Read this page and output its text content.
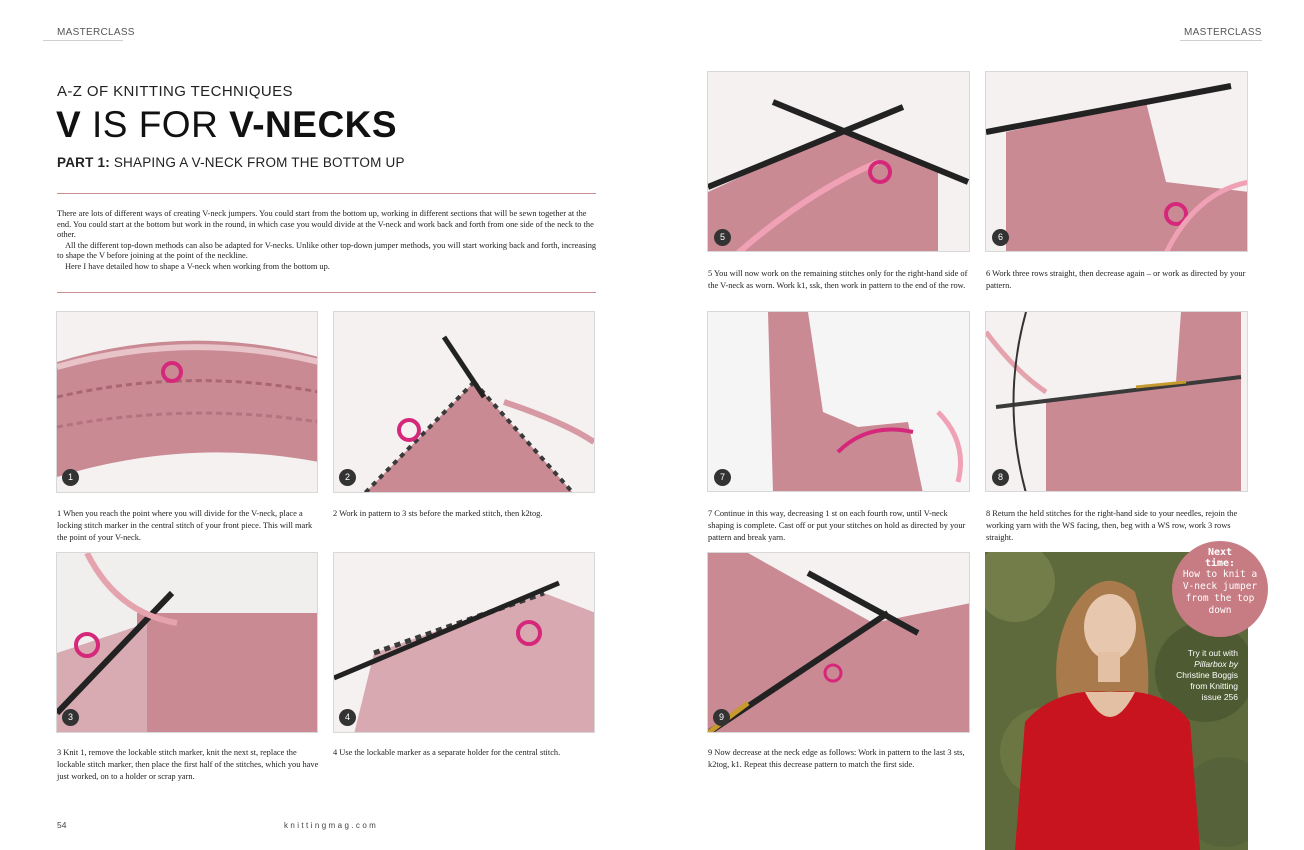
MASTERCLASS	MASTERCLASS
A-Z OF KNITTING TECHNIQUES
V IS FOR V-NECKS
PART 1: SHAPING A V-NECK FROM THE BOTTOM UP

There are lots of different ways of creating V-neck jumpers. You could start from the bottom up, working in different sections that will be sewn together at the end. You could start at the bottom but work in the round, in which case you would divide at the V-neck and work back and forth from one side of the neck to the other.

All the different top-down methods can also be adapted for V-necks. Unlike other top-down jumper methods, you will start working back and forth, increasing to shape the V before joining at the point of the neckline.

Here I have detailed how to shape a V-neck when working from the bottom up.

1	2
1 When you reach the point where you will divide for the V-neck, place a locking stitch marker in the central stitch of your front piece. This will mark the point of your V-neck.
2 Work in pattern to 3 sts before the marked stitch, then k2tog.
3	4
3 Knit 1, remove the lockable stitch marker, knit the next st, replace the lockable stitch marker, then place the first half of the stitches, which you have just worked, on to a holder or scrap yarn.
4 Use the lockable marker as a separate holder for the central stitch.
5	6
5 You will now work on the remaining stitches only for the right-hand side of the V-neck as worn. Work k1, ssk, then work in pattern to the end of the row.
6 Work three rows straight, then decrease again – or work as directed by your pattern.
7	8
7 Continue in this way, decreasing 1 st on each fourth row, until V-neck shaping is complete. Cast off or put your stitches on hold as directed by your pattern and break yarn.
8 Return the held stitches for the right-hand side to your needles, rejoin the working yarn with the WS facing, then, beg with a WS row, work 3 rows straight.
9
9 Now decrease at the neck edge as follows: Work in pattern to the last 3 sts, k2tog, k1. Repeat this decrease pattern to match the first side.
Next
time:
How to knit a
V-neck jumper
from the top
down
Try it out with
Pillarbox by
Christine Boggis
from Knitting
issue 256
54	knittingmag.com
